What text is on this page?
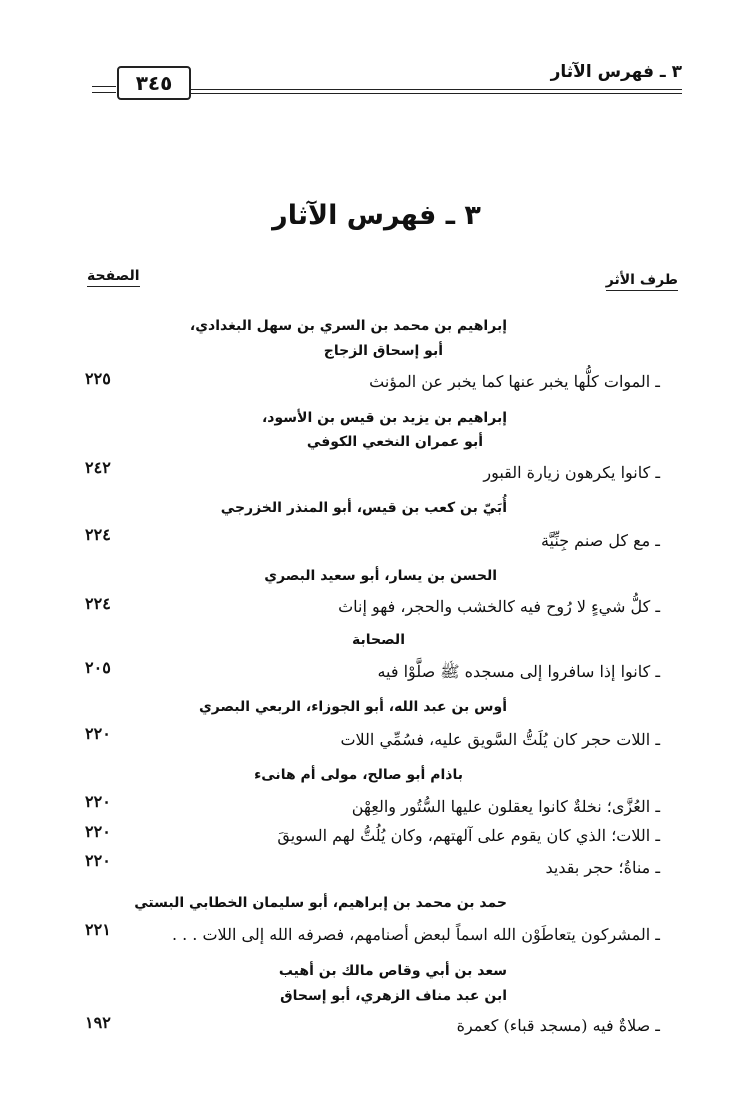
٣ ـ فهرس الآثار
٣٤٥
٣ ـ فهرس الآثار
طرف الأثر
الصفحة
إبراهيم بن محمد بن السري بن سهل البغدادي،
أبو إسحاق الزجاج
٢٢٥	ـ الموات كلُّها يخبر عنها كما يخبر عن المؤنث
إبراهيم بن يزيد بن قيس بن الأسود،
أبو عمران النخعي الكوفي
٢٤٢	ـ كانوا يكرهون زيارة القبور
أُبَيّ بن كعب بن قيس، أبو المنذر الخزرجي
٢٢٤	ـ مع كل صنم جِنِّيَّة
الحسن بن يسار، أبو سعيد البصري
٢٢٤	ـ كلُّ شيءٍ لا رُوح فيه كالخشب والحجر، فهو إناث
الصحابة
٢٠٥	ـ كانوا إذا سافروا إلى مسجده ﷺ صلَّوْا فيه
أوس بن عبد الله، أبو الجوزاء، الربعي البصري
٢٢٠	ـ اللات حجر كان يُلَتُّ السَّويق عليه، فسُمِّي اللات
باذام أبو صالح، مولى أم هانىء
٢٢٠	ـ العُزَّى؛ نخلةٌ كانوا يعقلون عليها السُّتُور والعِهْن
٢٢٠	ـ اللات؛ الذي كان يقوم على آلهتهم، وكان يُلُتُّ لهم السويقَ
٢٢٠	ـ مناةُ؛ حجر بقديد
حمد بن محمد بن إبراهيم، أبو سليمان الخطابي البستي
٢٢١	ـ المشركون يتعاطَوْن الله اسماً لبعض أصنامهم، فصرفه الله إلى اللات . . .
سعد بن أبي وقاص مالك بن أهيب
ابن عبد مناف الزهري، أبو إسحاق
١٩٢	ـ صلاةٌ فيه (مسجد قباء) كعمرة
